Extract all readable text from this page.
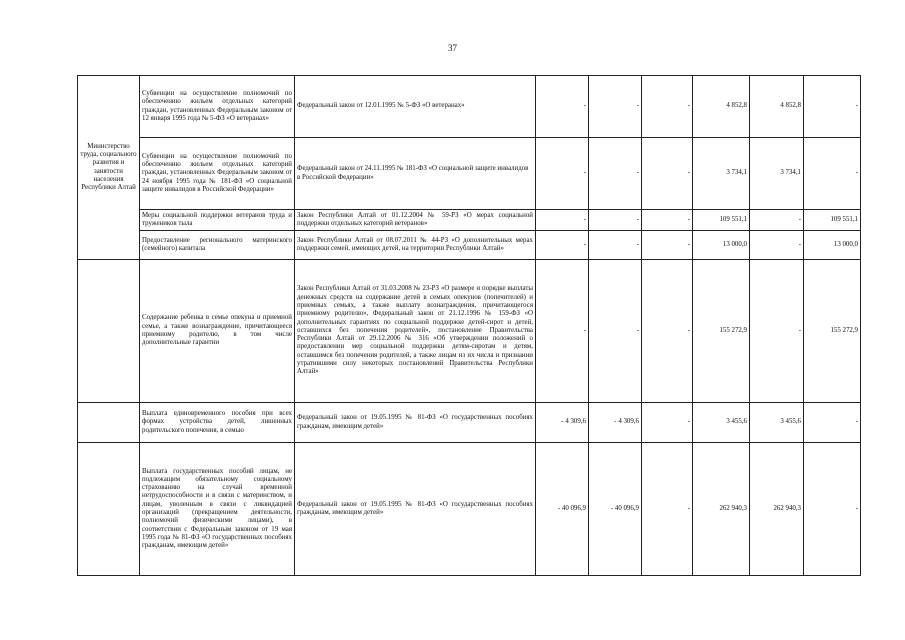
37
Министерство труда, социального развития и занятости населения Республики Алтай	Субвенции на осуществление полномочий по обеспечению жильем отдельных категорий граждан, установленных Федеральным законом от 12 января 1995 года № 5-ФЗ «О ветеранах»	Федеральный закон от 12.01.1995 № 5-ФЗ «О ветеранах»	-	-	-	4 852,8	4 852,8	-
	Субвенции на осуществление полномочий по обеспечению жильем отдельных категорий граждан, установленных Федеральным законом от 24 ноября 1995 года № 181-ФЗ «О социальной защите инвалидов в Российской Федерации»	Федеральный закон от 24.11.1995 № 181-ФЗ «О социальной защите инвалидов в Российской Федерации»	-	-	-	3 734,1	3 734,1	-
	Меры социальной поддержки ветеранов труда и тружеников тыла	Закон Республики Алтай от 01.12.2004 № 59-РЗ «О мерах социальной поддержки отдельных категорий ветеранов»	-	-	-	109 551,1	-	109 551,1
	Предоставление регионального материнского (семейного) капитала	Закон Республики Алтай от 08.07.2011 № 44-РЗ «О дополнительных мерах поддержки семей, имеющих детей, на территории Республики Алтай»	-	-	-	13 000,0	-	13 000,0
	Содержание ребенка в семье опекуна и приемной семье, а также вознаграждение, причитающееся приемному родителю, в том числе дополнительные гарантии	Закон Республики Алтай от 31.03.2008 № 23-РЗ «О размере и порядке выплаты денежных средств на содержание детей в семьях опекунов (попечителей) и приемных семьях, а также выплату вознаграждения, причитающегося приемному родителю», Федеральный закон от 21.12.1996 № 159-ФЗ «О дополнительных гарантиях по социальной поддержке детей-сирот и детей, оставшихся без попечения родителей», постановление Правительства Республики Алтай от 29.12.2006 № 316 «Об утверждении положений о предоставлении мер социальной поддержки детям-сиротам и детям, оставшимся без попечения родителей, а также лицам из их числа и признании утратившими силу некоторых постановлений Правительства Республики Алтай»	-	-	-	155 272,9	-	155 272,9
	Выплата единовременного пособия при всех формах устройства детей, лишенных родительского попечения, в семью	Федеральный закон от 19.05.1995 № 81-ФЗ «О государственных пособиях гражданам, имеющим детей»	- 4 309,6	- 4 309,6	-	3 455,6	3 455,6	-
	Выплата государственных пособий лицам, не подлежащим обязательному социальному страхованию на случай временной нетрудоспособности и в связи с материнством, и лицам, уволенным в связи с ликвидацией организаций (прекращением деятельности, полномочий физическими лицами), в соответствии с Федеральным законом от 19 мая 1995 года № 81-ФЗ «О государственных пособиях гражданам, имеющим детей»	Федеральный закон от 19.05.1995 № 81-ФЗ «О государственных пособиях гражданам, имеющим детей»	- 40 096,9	- 40 096,9	-	262 940,3	262 940,3	-
